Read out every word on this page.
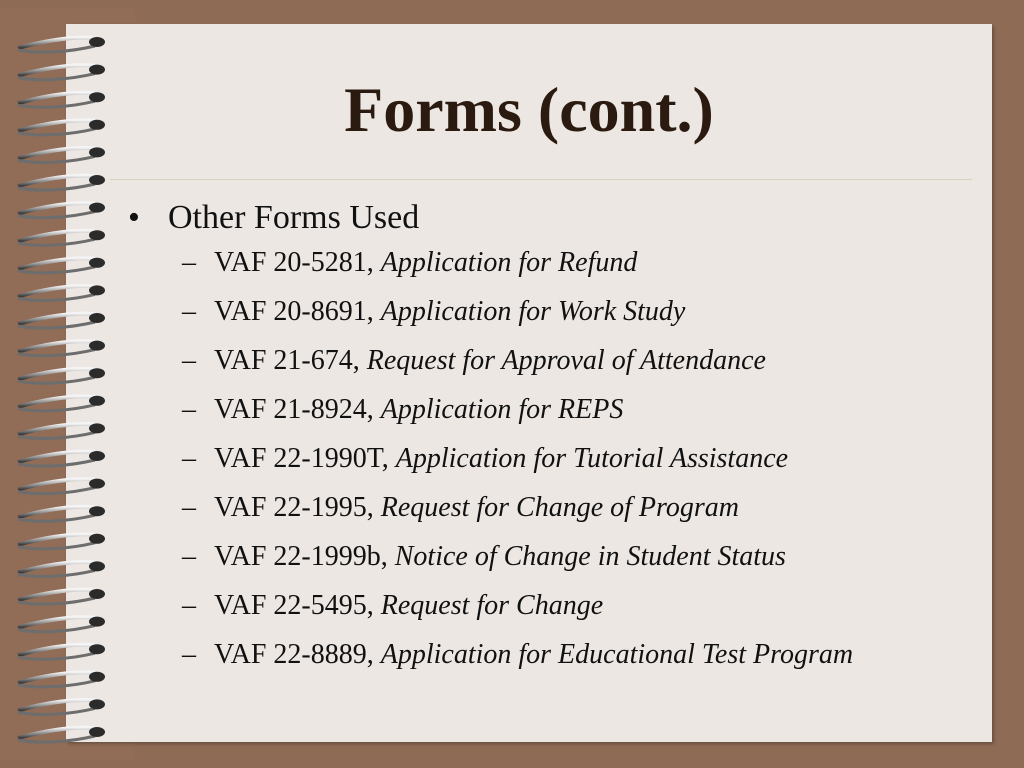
Forms (cont.)
• Other Forms Used
– VAF 20-5281, Application for Refund
– VAF 20-8691, Application for Work Study
– VAF 21-674, Request for Approval of Attendance
– VAF 21-8924, Application for REPS
– VAF 22-1990T, Application for Tutorial Assistance
– VAF 22-1995, Request for Change of Program
– VAF 22-1999b, Notice of Change in Student Status
– VAF 22-5495, Request for Change
– VAF 22-8889, Application for Educational Test Program
